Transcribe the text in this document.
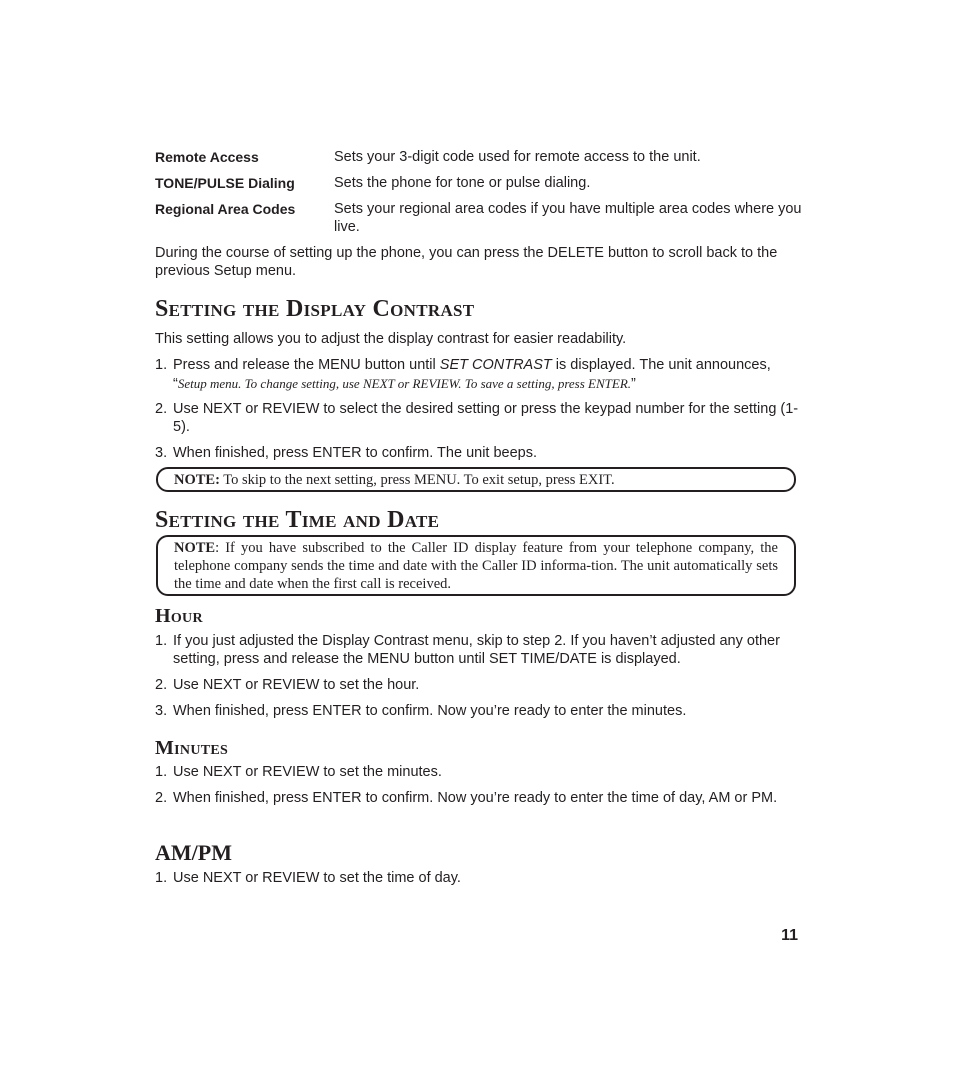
Remote Access	Sets your 3-digit code used for remote access to the unit.
TONE/PULSE Dialing	Sets the phone for tone or pulse dialing.
Regional Area Codes	Sets your regional area codes if you have multiple area codes where you live.
During the course of setting up the phone, you can press the DELETE button to scroll back to the previous Setup menu.
Setting the Display Contrast
This setting allows you to adjust the display contrast for easier readability.
1. Press and release the MENU button until SET CONTRAST is displayed. The unit announces, “Setup menu. To change setting, use NEXT or REVIEW. To save a setting, press ENTER.”
2. Use NEXT or REVIEW to select the desired setting or press the keypad number for the setting (1-5).
3. When finished, press ENTER to confirm. The unit beeps.
NOTE: To skip to the next setting, press MENU. To exit setup, press EXIT.
Setting the Time and Date
NOTE: If you have subscribed to the Caller ID display feature from your telephone company, the telephone company sends the time and date with the Caller ID informa-tion. The unit automatically sets the time and date when the first call is received.
Hour
1. If you just adjusted the Display Contrast menu, skip to step 2. If you haven’t adjusted any other setting, press and release the MENU button until SET TIME/DATE is displayed.
2. Use NEXT or REVIEW to set the hour.
3. When finished, press ENTER to confirm. Now you’re ready to enter the minutes.
Minutes
1. Use NEXT or REVIEW to set the minutes.
2. When finished, press ENTER to confirm. Now you’re ready to enter the time of day, AM or PM.
AM/PM
1. Use NEXT or REVIEW to set the time of day.
11
